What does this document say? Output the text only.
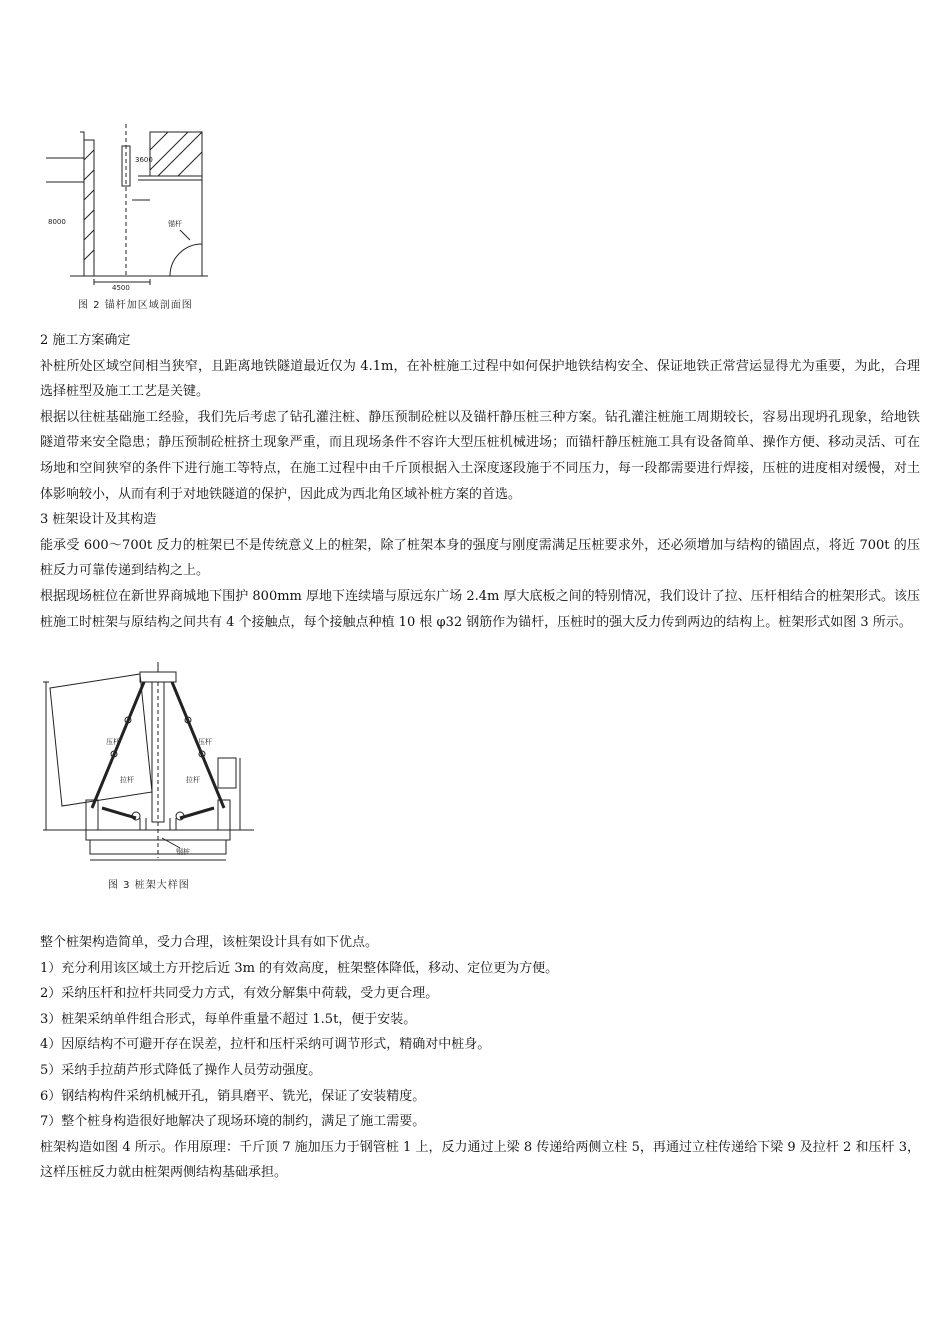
3600
4500
锚杆
8000
图 2 锚杆加区域剖面图

2 施工方案确定

补桩所处区域空间相当狭窄，且距离地铁隧道最近仅为 4.1m，在补桩施工过程中如何保护地铁结构安全、保证地铁正常营运显得尤为重要，为此，合理选择桩型及施工工艺是关键。

根据以往桩基础施工经验，我们先后考虑了钻孔灌注桩、静压预制砼桩以及锚杆静压桩三种方案。钻孔灌注桩施工周期较长，容易出现坍孔现象，给地铁隧道带来安全隐患；静压预制砼桩挤土现象严重，而且现场条件不容许大型压桩机械进场；而锚杆静压桩施工具有设备简单、操作方便、移动灵活、可在场地和空间狭窄的条件下进行施工等特点，在施工过程中由千斤顶根据入土深度逐段施于不同压力，每一段都需要进行焊接，压桩的进度相对缓慢，对土体影响较小，从而有利于对地铁隧道的保护，因此成为西北角区域补桩方案的首选。

3 桩架设计及其构造

能承受 600～700t 反力的桩架已不是传统意义上的桩架，除了桩架本身的强度与刚度需满足压桩要求外，还必须增加与结构的锚固点，将近 700t 的压桩反力可靠传递到结构之上。

根据现场桩位在新世界商城地下围护 800mm 厚地下连续墙与原远东广场 2.4m 厚大底板之间的特别情况，我们设计了拉、压杆相结合的桩架形式。该压桩施工时桩架与原结构之间共有 4 个接触点，每个接触点种植 10 根 φ32 钢筋作为锚杆，压桩时的强大反力传到两边的结构上。桩架形式如图 3 所示。

压杆
拉杆
压杆
拉杆
钢桩
图 3 桩架大样图

整个桩架构造简单，受力合理，该桩架设计具有如下优点。

1）充分利用该区域土方开挖后近 3m 的有效高度，桩架整体降低，移动、定位更为方便。

2）采纳压杆和拉杆共同受力方式，有效分解集中荷载，受力更合理。

3）桩架采纳单件组合形式，每单件重量不超过 1.5t，便于安装。

4）因原结构不可避开存在误差，拉杆和压杆采纳可调节形式，精确对中桩身。

5）采纳手拉葫芦形式降低了操作人员劳动强度。

6）钢结构构件采纳机械开孔，销具磨平、铣光，保证了安装精度。

7）整个桩身构造很好地解决了现场环境的制约，满足了施工需要。

桩架构造如图 4 所示。作用原理：千斤顶 7 施加压力于钢管桩 1 上，反力通过上梁 8 传递给两侧立柱 5，再通过立柱传递给下梁 9 及拉杆 2 和压杆 3，这样压桩反力就由桩架两侧结构基础承担。
